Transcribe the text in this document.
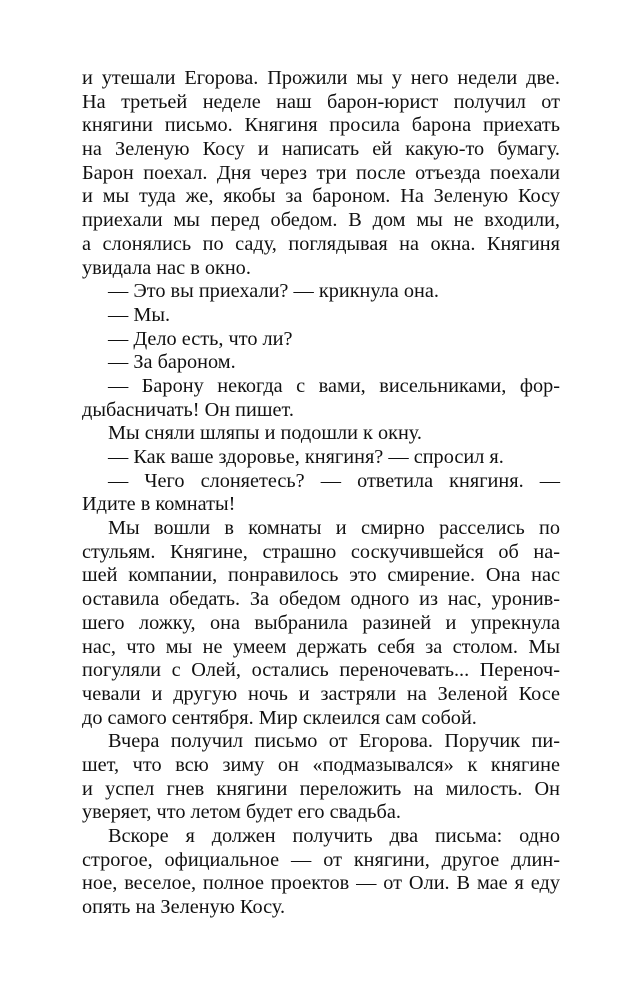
и утешали Егорова. Прожили мы у него недели две.
На третьей неделе наш барон-юрист получил от
княгини письмо. Княгиня просила барона приехать
на Зеленую Косу и написать ей какую-то бумагу.
Барон поехал. Дня через три после отъезда поехали
и мы туда же, якобы за бароном. На Зеленую Косу
приехали мы перед обедом. В дом мы не входили,
а слонялись по саду, поглядывая на окна. Княгиня
увидала нас в окно.
— Это вы приехали? — крикнула она.
— Мы.
— Дело есть, что ли?
— За бароном.
— Барону некогда с вами, висельниками, фор-
дыбасничать! Он пишет.
Мы сняли шляпы и подошли к окну.
— Как ваше здоровье, княгиня? — спросил я.
— Чего слоняетесь? — ответила княгиня. —
Идите в комнаты!
Мы вошли в комнаты и смирно расселись по
стульям. Княгине, страшно соскучившейся об на-
шей компании, понравилось это смирение. Она нас
оставила обедать. За обедом одного из нас, уронив-
шего ложку, она выбранила разиней и упрекнула
нас, что мы не умеем держать себя за столом. Мы
погуляли с Олей, остались переночевать... Переноч-
чевали и другую ночь и застряли на Зеленой Косе
до самого сентября. Мир склеился сам собой.
Вчера получил письмо от Егорова. Поручик пи-
шет, что всю зиму он «подмазывался» к княгине
и успел гнев княгини переложить на милость. Он
уверяет, что летом будет его свадьба.
Вскоре я должен получить два письма: одно
строгое, официальное — от княгини, другое длин-
ное, веселое, полное проектов — от Оли. В мае я еду
опять на Зеленую Косу.
